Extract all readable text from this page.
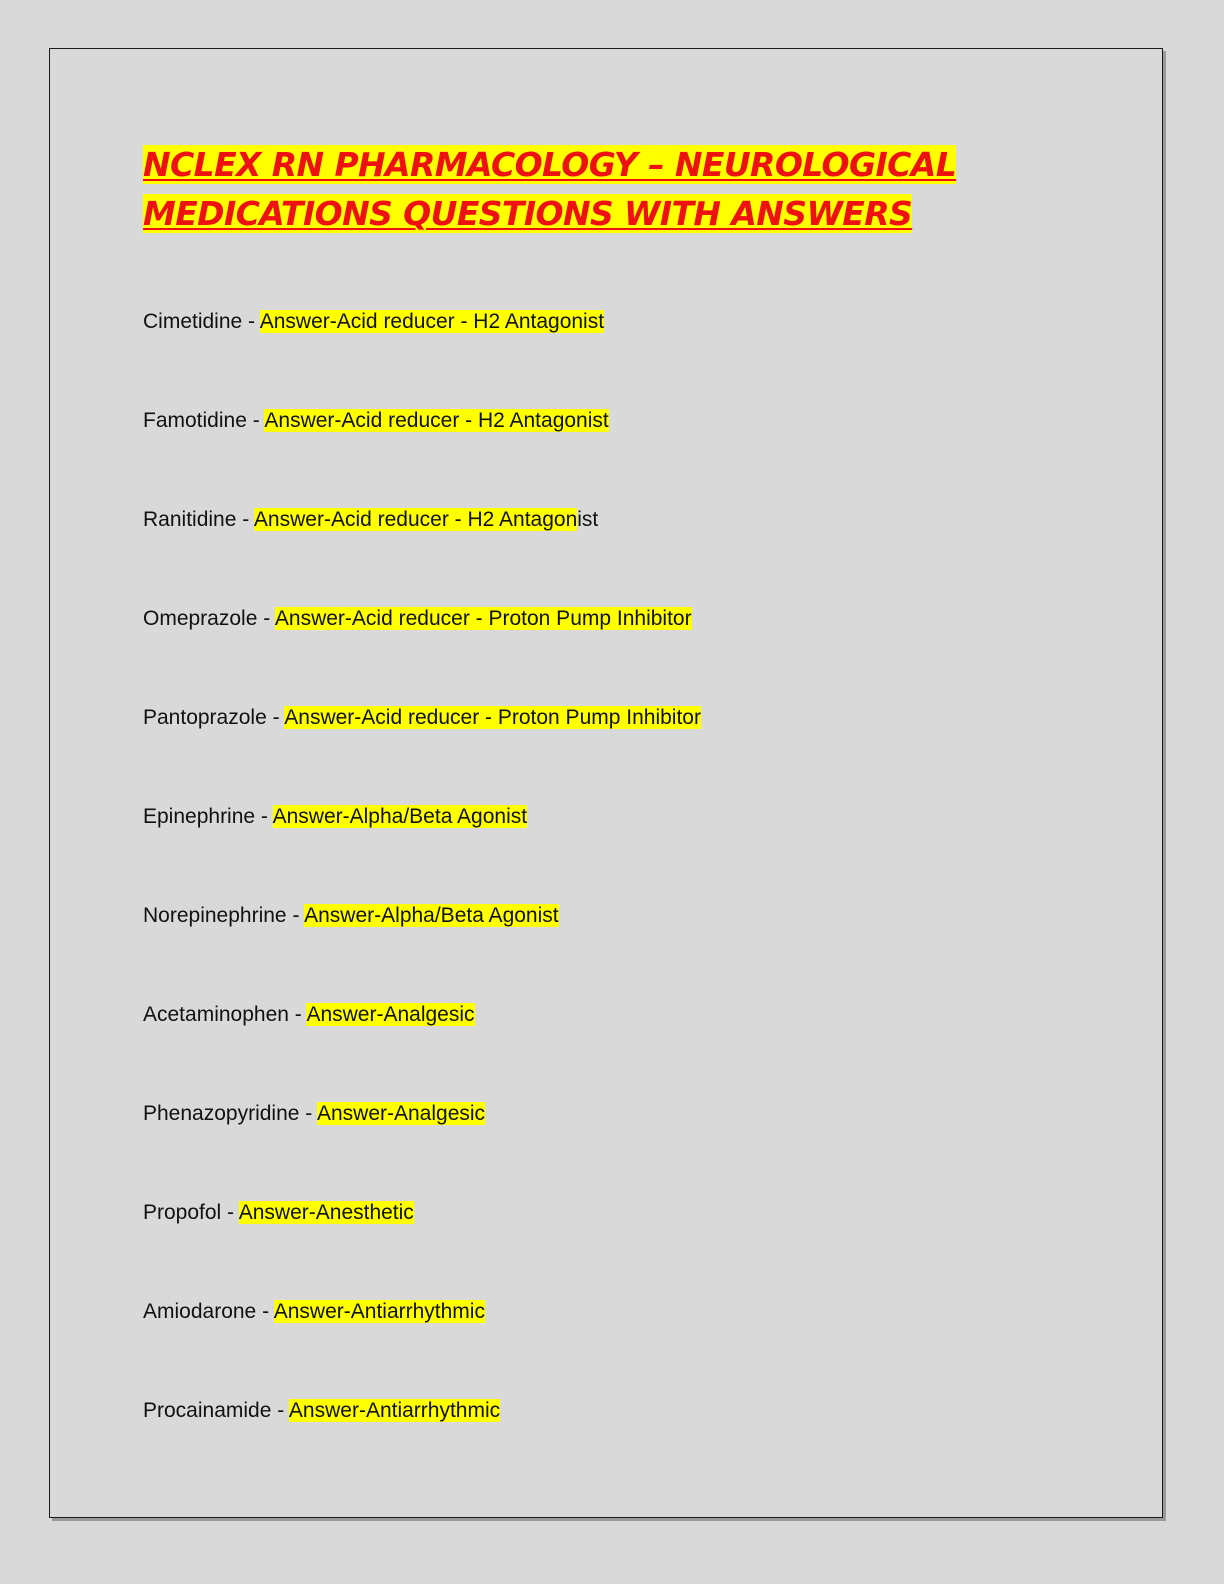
NCLEX RN PHARMACOLOGY – NEUROLOGICAL
MEDICATIONS QUESTIONS WITH ANSWERS
Cimetidine - Answer-Acid reducer - H2 Antagonist
Famotidine - Answer-Acid reducer - H2 Antagonist
Ranitidine - Answer-Acid reducer - H2 Antagonist
Omeprazole - Answer-Acid reducer - Proton Pump Inhibitor
Pantoprazole - Answer-Acid reducer - Proton Pump Inhibitor
Epinephrine - Answer-Alpha/Beta Agonist
Norepinephrine - Answer-Alpha/Beta Agonist
Acetaminophen - Answer-Analgesic
Phenazopyridine - Answer-Analgesic
Propofol - Answer-Anesthetic
Amiodarone - Answer-Antiarrhythmic
Procainamide - Answer-Antiarrhythmic
